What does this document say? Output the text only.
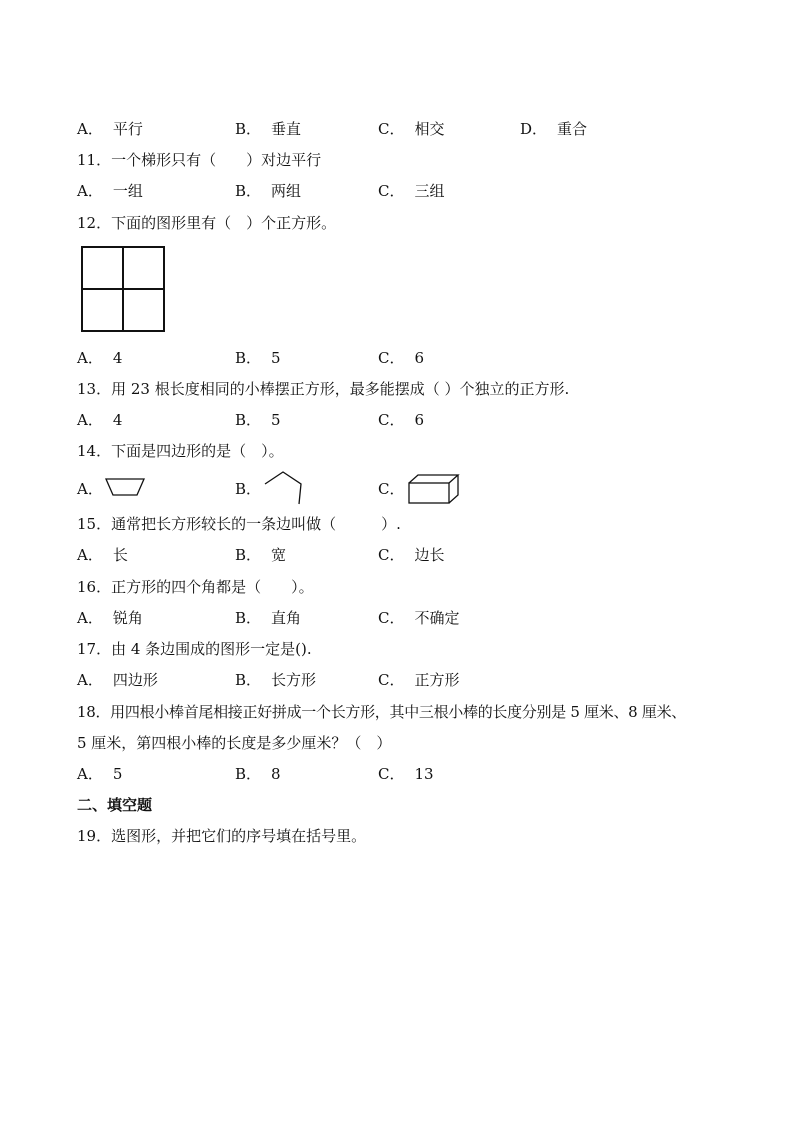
A． 平行	B． 垂直	C． 相交	D． 重合
11．一个梯形只有（　　）对边平行
A． 一组	B． 两组	C． 三组
12．下面的图形里有（　）个正方形。
A． 4	B． 5	C． 6
13．用 23 根长度相同的小棒摆正方形，最多能摆成（ ）个独立的正方形.
A． 4	B． 5	C． 6
14．下面是四边形的是（　）。
A．	B．	C．
15．通常把长方形较长的一条边叫做（　　　）.
A． 长	B． 宽	C． 边长
16．正方形的四个角都是（　　）。
A． 锐角	B． 直角	C． 不确定
17．由 4 条边围成的图形一定是().
A． 四边形	B． 长方形	C． 正方形
18．用四根小棒首尾相接正好拼成一个长方形，其中三根小棒的长度分别是 5 厘米、8 厘米、
5 厘米，第四根小棒的长度是多少厘米？（　）
A． 5	B． 8	C． 13
二、填空题
19．选图形，并把它们的序号填在括号里。
